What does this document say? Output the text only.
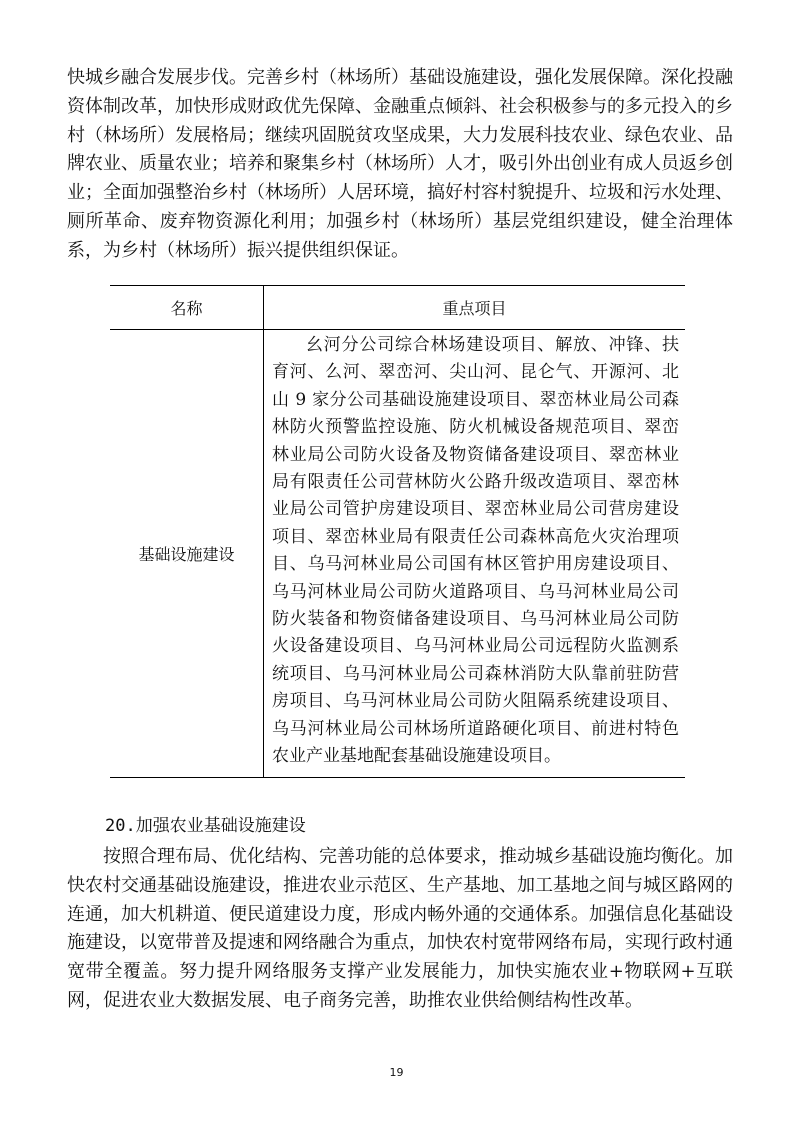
快城乡融合发展步伐。完善乡村（林场所）基础设施建设，强化发展保障。深化投融资体制改革，加快形成财政优先保障、金融重点倾斜、社会积极参与的多元投入的乡村（林场所）发展格局；继续巩固脱贫攻坚成果，大力发展科技农业、绿色农业、品牌农业、质量农业；培养和聚集乡村（林场所）人才，吸引外出创业有成人员返乡创业；全面加强整治乡村（林场所）人居环境，搞好村容村貌提升、垃圾和污水处理、厕所革命、废弃物资源化利用；加强乡村（林场所）基层党组织建设，健全治理体系，为乡村（林场所）振兴提供组织保证。

名称	重点项目
基础设施建设	幺河分公司综合林场建设项目、解放、冲锋、扶育河、么河、翠峦河、尖山河、昆仑气、开源河、北山 9 家分公司基础设施建设项目、翠峦林业局公司森林防火预警监控设施、防火机械设备规范项目、翠峦林业局公司防火设备及物资储备建设项目、翠峦林业局有限责任公司营林防火公路升级改造项目、翠峦林业局公司管护房建设项目、翠峦林业局公司营房建设项目、翠峦林业局有限责任公司森林高危火灾治理项目、乌马河林业局公司国有林区管护用房建设项目、乌马河林业局公司防火道路项目、乌马河林业局公司防火装备和物资储备建设项目、乌马河林业局公司防火设备建设项目、乌马河林业局公司远程防火监测系统项目、乌马河林业局公司森林消防大队靠前驻防营房项目、乌马河林业局公司防火阻隔系统建设项目、乌马河林业局公司林场所道路硬化项目、前进村特色农业产业基地配套基础设施建设项目。
20.加强农业基础设施建设

按照合理布局、优化结构、完善功能的总体要求，推动城乡基础设施均衡化。加快农村交通基础设施建设，推进农业示范区、生产基地、加工基地之间与城区路网的连通，加大机耕道、便民道建设力度，形成内畅外通的交通体系。加强信息化基础设施建设，以宽带普及提速和网络融合为重点，加快农村宽带网络布局，实现行政村通宽带全覆盖。努力提升网络服务支撑产业发展能力，加快实施农业+物联网+互联网，促进农业大数据发展、电子商务完善，助推农业供给侧结构性改革。

19
